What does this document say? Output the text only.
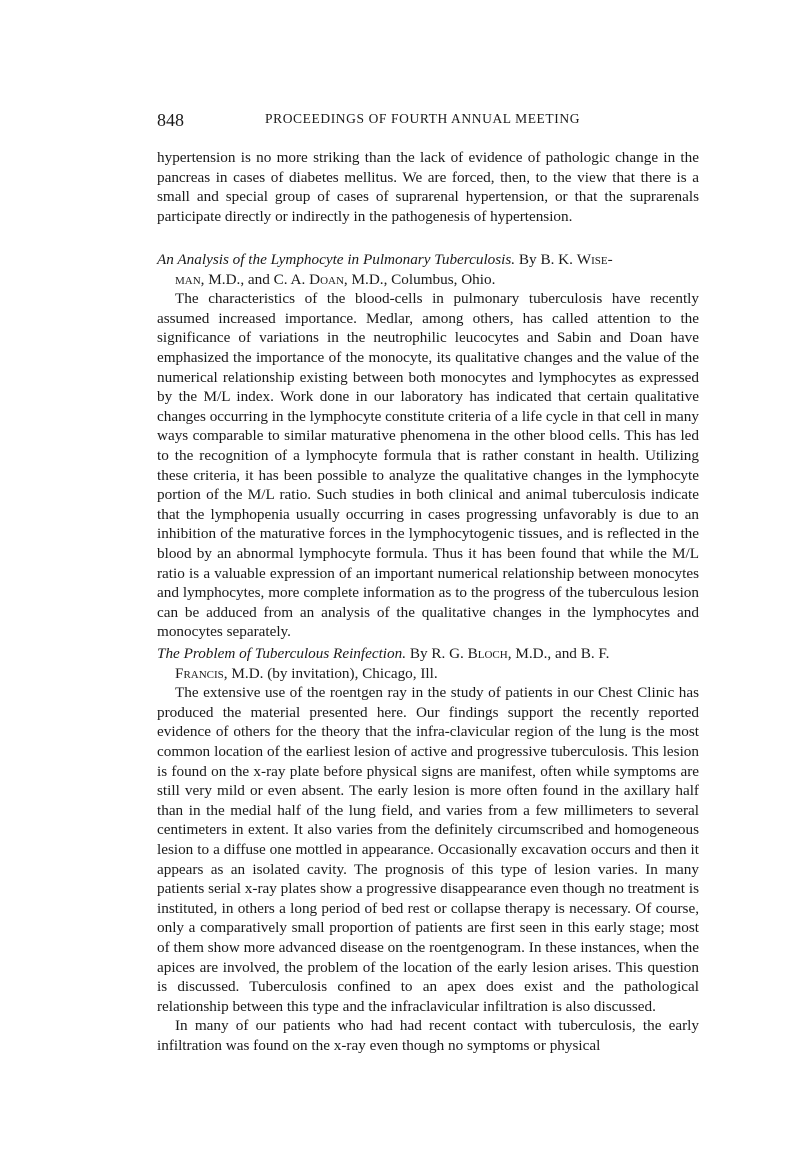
848	PROCEEDINGS OF FOURTH ANNUAL MEETING

hypertension is no more striking than the lack of evidence of pathologic change in the pancreas in cases of diabetes mellitus. We are forced, then, to the view that there is a small and special group of cases of suprarenal hypertension, or that the suprarenals participate directly or indirectly in the pathogenesis of hypertension.

An Analysis of the Lymphocyte in Pulmonary Tuberculosis. By B. K. Wise-
man, M.D., and C. A. Doan, M.D., Columbus, Ohio.

The characteristics of the blood-cells in pulmonary tuberculosis have recently assumed increased importance. Medlar, among others, has called attention to the significance of variations in the neutrophilic leucocytes and Sabin and Doan have emphasized the importance of the monocyte, its qualitative changes and the value of the numerical relationship existing between both monocytes and lymphocytes as expressed by the M/L index. Work done in our laboratory has indicated that certain qualitative changes occurring in the lymphocyte constitute criteria of a life cycle in that cell in many ways comparable to similar maturative phenomena in the other blood cells. This has led to the recognition of a lymphocyte formula that is rather constant in health. Utilizing these criteria, it has been possible to analyze the qualitative changes in the lymphocyte portion of the M/L ratio. Such studies in both clinical and animal tuberculosis indicate that the lymphopenia usually occurring in cases progressing unfavorably is due to an inhibition of the maturative forces in the lymphocytogenic tissues, and is reflected in the blood by an abnormal lymphocyte formula. Thus it has been found that while the M/L ratio is a valuable expression of an important numerical relationship between monocytes and lymphocytes, more complete information as to the progress of the tuberculous lesion can be adduced from an analysis of the qualitative changes in the lymphocytes and monocytes separately.

The Problem of Tuberculous Reinfection. By R. G. Bloch, M.D., and B. F.
Francis, M.D. (by invitation), Chicago, Ill.

The extensive use of the roentgen ray in the study of patients in our Chest Clinic has produced the material presented here. Our findings support the recently reported evidence of others for the theory that the infra-clavicular region of the lung is the most common location of the earliest lesion of active and progressive tuberculosis. This lesion is found on the x-ray plate before physical signs are manifest, often while symptoms are still very mild or even absent. The early lesion is more often found in the axillary half than in the medial half of the lung field, and varies from a few millimeters to several centimeters in extent. It also varies from the definitely circumscribed and homogeneous lesion to a diffuse one mottled in appearance. Occasionally excavation occurs and then it appears as an isolated cavity. The prognosis of this type of lesion varies. In many patients serial x-ray plates show a progressive disappearance even though no treatment is instituted, in others a long period of bed rest or collapse therapy is necessary. Of course, only a comparatively small proportion of patients are first seen in this early stage; most of them show more advanced disease on the roentgenogram. In these instances, when the apices are involved, the problem of the location of the early lesion arises. This question is discussed. Tuberculosis confined to an apex does exist and the pathological relationship between this type and the infraclavicular infiltration is also discussed.

In many of our patients who had had recent contact with tuberculosis, the early infiltration was found on the x-ray even though no symptoms or physical
